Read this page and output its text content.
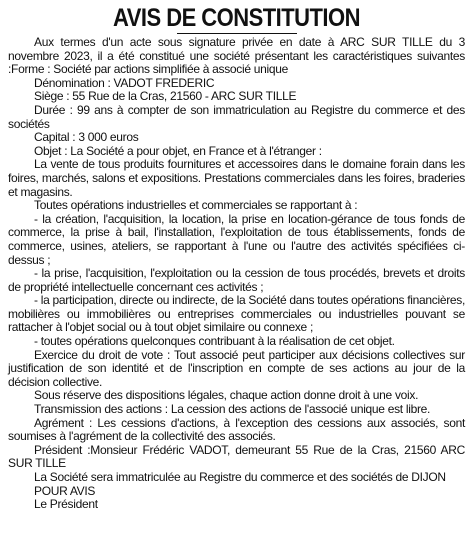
AVIS DE CONSTITUTION

Aux termes d'un acte sous signature privée en date à ARC SUR TILLE du 3 novembre 2023, il a été constitué une société présentant les caractéristiques suivantes :Forme : Société par actions simplifiée à associé unique

Dénomination : VADOT FREDERIC

Siège : 55 Rue de la Cras, 21560 - ARC SUR TILLE

Durée : 99 ans à compter de son immatriculation au Registre du commerce et des sociétés

Capital : 3 000 euros

Objet : La Société a pour objet, en France et à l'étranger :

La vente de tous produits fournitures et accessoires dans le domaine forain dans les foires, marchés, salons et expositions. Prestations commerciales dans les foires, braderies et magasins.

Toutes opérations industrielles et commerciales se rapportant à :

- la création, l'acquisition, la location, la prise en location-gérance de tous fonds de commerce, la prise à bail, l'installation, l'exploitation de tous établissements, fonds de commerce, usines, ateliers, se rapportant à l'une ou l'autre des activités spécifiées ci-dessus ;

- la prise, l'acquisition, l'exploitation ou la cession de tous procédés, brevets et droits de propriété intellectuelle concernant ces activités ;

- la participation, directe ou indirecte, de la Société dans toutes opérations financières, mobilières ou immobilières ou entreprises commerciales ou industrielles pouvant se rattacher à l'objet social ou à tout objet similaire ou connexe ;

- toutes opérations quelconques contribuant à la réalisation de cet objet.

Exercice du droit de vote : Tout associé peut participer aux décisions collectives sur justification de son identité et de l'inscription en compte de ses actions au jour de la décision collective.

Sous réserve des dispositions légales, chaque action donne droit à une voix.

Transmission des actions : La cession des actions de l'associé unique est libre.

Agrément : Les cessions d'actions, à l'exception des cessions aux associés, sont soumises à l'agrément de la collectivité des associés.

Président :Monsieur Frédéric VADOT, demeurant 55 Rue de la Cras, 21560 ARC SUR TILLE

La Société sera immatriculée au Registre du commerce et des sociétés de DIJON

POUR AVIS

Le Président
